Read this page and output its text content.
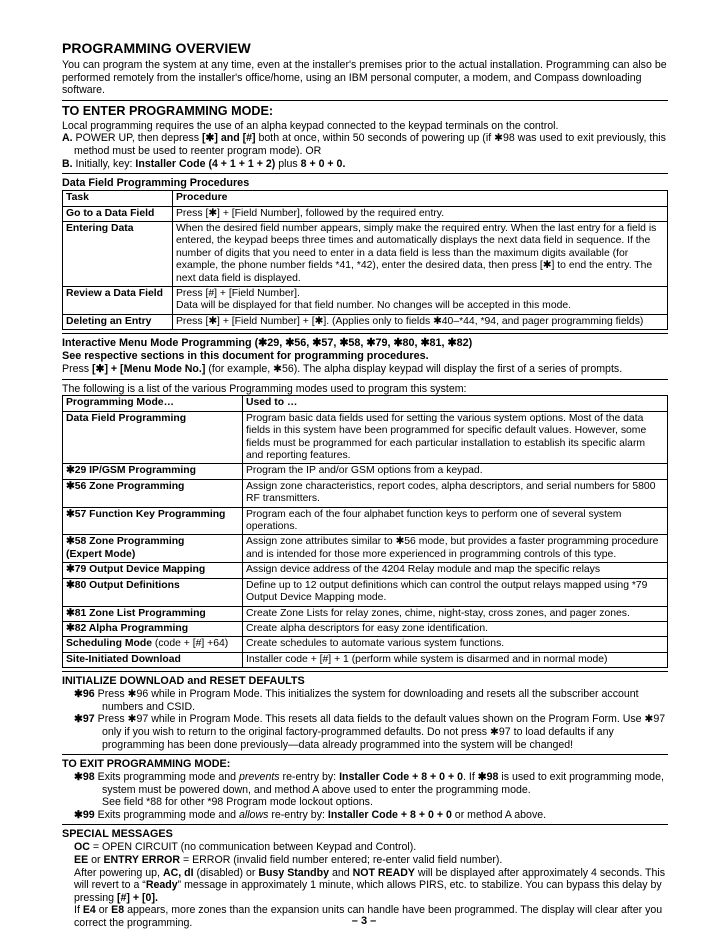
PROGRAMMING OVERVIEW

You can program the system at any time, even at the installer's premises prior to the actual installation. Programming can also be performed remotely from the installer's office/home, using an IBM personal computer, a modem, and Compass downloading software.

TO ENTER PROGRAMMING MODE:

Local programming requires the use of an alpha keypad connected to the keypad terminals on the control.

A. POWER UP, then depress [✱] and [#] both at once, within 50 seconds of powering up (if ✱98 was used to exit previously, this method must be used to reenter program mode). OR

B. Initially, key: Installer Code (4 + 1 + 1 + 2) plus 8 + 0 + 0.

Data Field Programming Procedures
Task	Procedure
Go to a Data Field	Press [✱] + [Field Number], followed by the required entry.
Entering Data	When the desired field number appears, simply make the required entry. When the last entry for a field is entered, the keypad beeps three times and automatically displays the next data field in sequence. If the number of digits that you need to enter in a data field is less than the maximum digits available (for example, the phone number fields *41, *42), enter the desired data, then press [✱] to end the entry. The next data field is displayed.
Review a Data Field	Press [#] + [Field Number].
Data will be displayed for that field number. No changes will be accepted in this mode.

Deleting an Entry	Press [✱] + [Field Number] + [✱]. (Applies only to fields ✱40–*44, *94, and pager programming fields)

Interactive Menu Mode Programming (✱29, ✱56, ✱57, ✱58, ✱79, ✱80, ✱81, ✱82)

See respective sections in this document for programming procedures.

Press [✱] + [Menu Mode No.] (for example, ✱56). The alpha display keypad will display the first of a series of prompts.

The following is a list of the various Programming modes used to program this system:

Programming Mode…	Used to …
Data Field Programming	Program basic data fields used for setting the various system options. Most of the data fields in this system have been programmed for specific default values. However, some fields must be programmed for each particular installation to establish its specific alarm and reporting features.
✱29 IP/GSM Programming	Program the IP and/or GSM options from a keypad.
✱56 Zone Programming	Assign zone characteristics, report codes, alpha descriptors, and serial numbers for 5800 RF transmitters.
✱57 Function Key Programming	Program each of the four alphabet function keys to perform one of several system operations.

✱58 Zone Programming
(Expert Mode)	Assign zone attributes similar to ✱56 mode, but provides a faster programming procedure and is intended for those more experienced in programming controls of this type.
✱79 Output Device Mapping	Assign device address of the 4204 Relay module and map the specific relays
✱80 Output Definitions	Define up to 12 output definitions which can control the output relays mapped using *79 Output Device Mapping mode.
✱81 Zone List Programming	Create Zone Lists for relay zones, chime, night-stay, cross zones, and pager zones.
✱82 Alpha Programming	Create alpha descriptors for easy zone identification.
Scheduling Mode (code + [#] +64)	Create schedules to automate various system functions.
Site-Initiated Download	Installer code + [#] + 1 (perform while system is disarmed and in normal mode)
INITIALIZE DOWNLOAD and RESET DEFAULTS

✱96 Press ✱96 while in Program Mode. This initializes the system for downloading and resets all the subscriber account numbers and CSID.

✱97 Press ✱97 while in Program Mode. This resets all data fields to the default values shown on the Program Form. Use ✱97 only if you wish to return to the original factory-programmed defaults. Do not press ✱97 to load defaults if any programming has been done previously—data already programmed into the system will be changed!

TO EXIT PROGRAMMING MODE:

✱98 Exits programming mode and prevents re-entry by: Installer Code + 8 + 0 + 0. If ✱98 is used to exit programming mode, system must be powered down, and method A above used to enter the programming mode.

See field *88 for other *98 Program mode lockout options.

✱99 Exits programming mode and allows re-entry by: Installer Code + 8 + 0 + 0 or method A above.

SPECIAL MESSAGES

OC = OPEN CIRCUIT (no communication between Keypad and Control).

EE or ENTRY ERROR = ERROR (invalid field number entered; re-enter valid field number).

After powering up, AC, dI (disabled) or Busy Standby and NOT READY will be displayed after approximately 4 seconds. This will revert to a “Ready” message in approximately 1 minute, which allows PIRS, etc. to stabilize. You can bypass this delay by pressing [#] + [0].

If E4 or E8 appears, more zones than the expansion units can handle have been programmed. The display will clear after you correct the programming.	– 3 –
